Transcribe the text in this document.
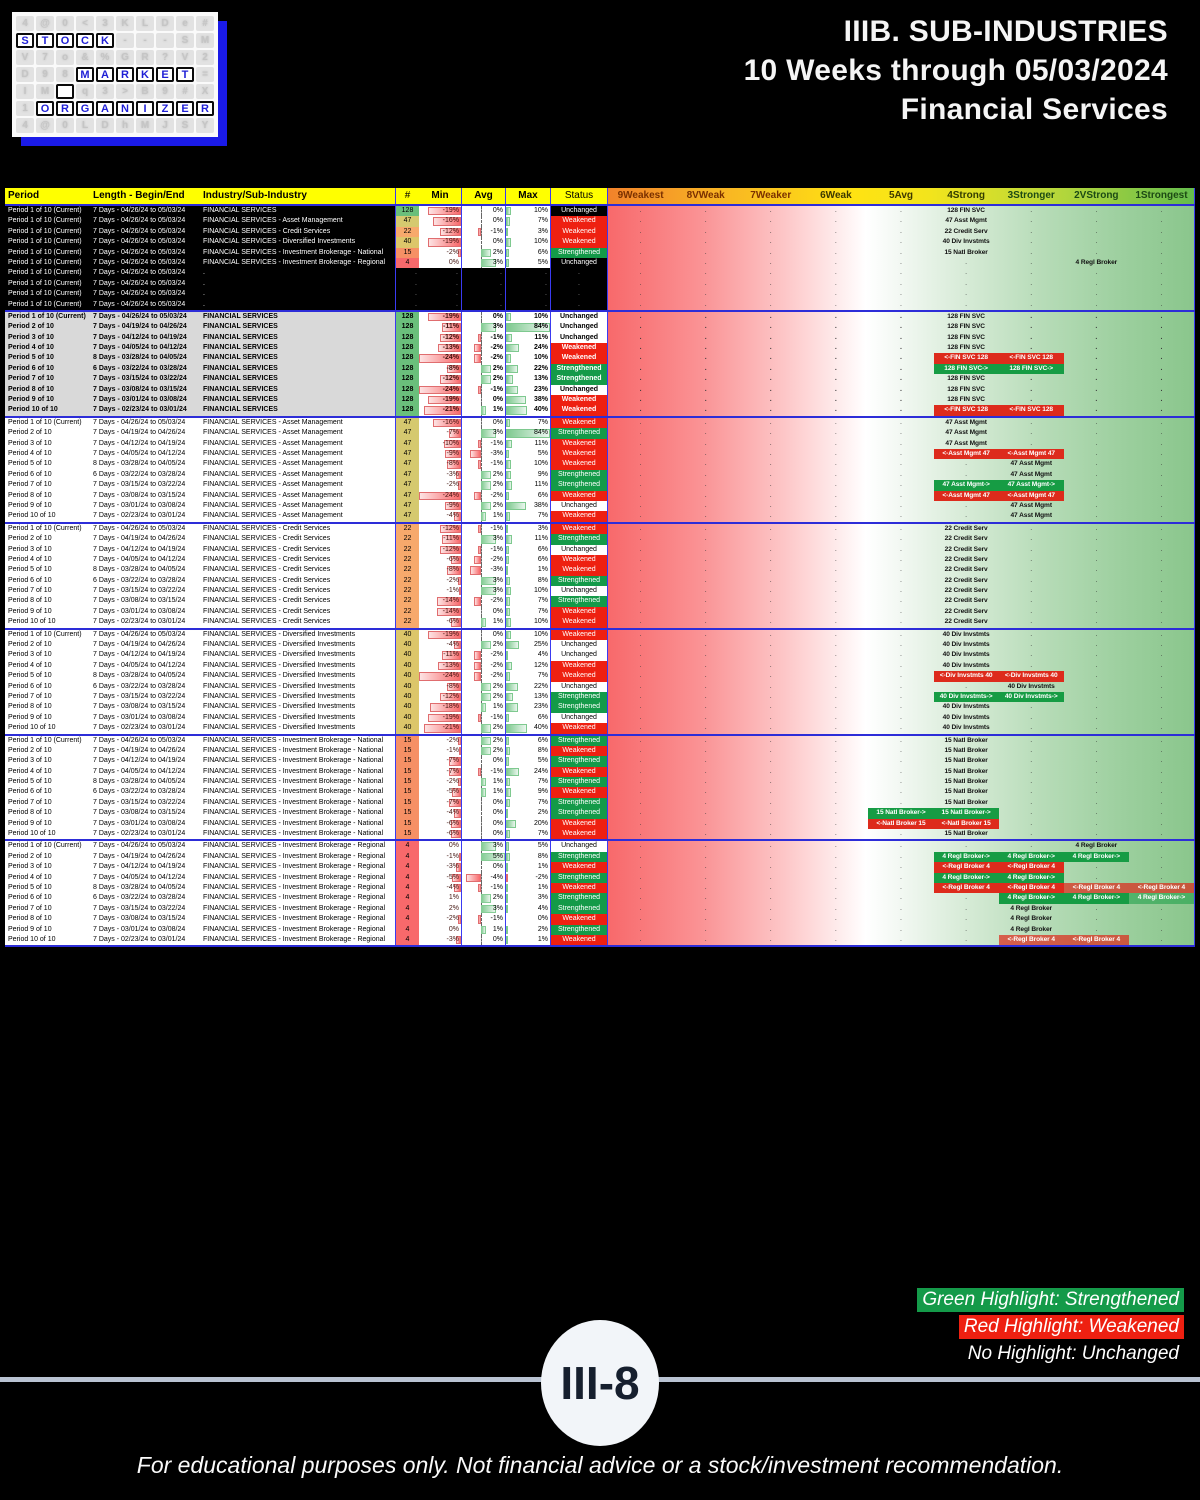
4	@	0	<	3	K	L	D	e	#
S	T	O	C	K	-	-	-	S	M
V	7	o	&	%	G	R	?	V	2
D	9	8	M	A	R	K	E	T	=
I	M	q	3	>	B	9	#	X
1	O	R	G	A	N	I	Z	E	R
4	@	0	L	D	h	M	J	S	Y
IIIB. SUB-INDUSTRIES
10 Weeks through 05/03/2024
Financial Services
Period	Length - Begin/End	Industry/Sub-Industry	#	Min	Avg	Max	Status	9Weakest	8VWeak	7Weaker	6Weak	5Avg	4Strong	3Stronger	2VStrong	1Strongest
Period 1 of 10 (Current)	7 Days - 04/26/24 to 05/03/24	FINANCIAL SERVICES	128	-19%	0%	10%	Unchanged	.	.	.	.	.	128 FIN SVC	.	.	.
Period 1 of 10 (Current)	7 Days - 04/26/24 to 05/03/24	FINANCIAL SERVICES - Asset Management	47	-16%	0%	7%	Weakened	.	.	.	.	.	47 Asst Mgmt	.	.	.
Period 1 of 10 (Current)	7 Days - 04/26/24 to 05/03/24	FINANCIAL SERVICES - Credit Services	22	-12%	-1%	3%	Weakened	.	.	.	.	.	22 Credit Serv	.	.	.
Period 1 of 10 (Current)	7 Days - 04/26/24 to 05/03/24	FINANCIAL SERVICES - Diversified Investments	40	-19%	0%	10%	Weakened	.	.	.	.	.	40 Div Invstmts	.	.	.
Period 1 of 10 (Current)	7 Days - 04/26/24 to 05/03/24	FINANCIAL SERVICES - Investment Brokerage - National	15	-2%	2%	6%	Strengthened	.	.	.	.	.	15 Natl Broker	.	.	.
Period 1 of 10 (Current)	7 Days - 04/26/24 to 05/03/24	FINANCIAL SERVICES - Investment Brokerage - Regional	4	0%	3%	5%	Unchanged	.	.	.	.	.	.	.	4 Regl Broker	.
Period 1 of 10 (Current)	7 Days - 04/26/24 to 05/03/24	.	.	.	.	.	.	.	.	.	.	.	.	.	.	.
Period 1 of 10 (Current)	7 Days - 04/26/24 to 05/03/24	.	.	.	.	.	.	.	.	.	.	.	.	.	.	.
Period 1 of 10 (Current)	7 Days - 04/26/24 to 05/03/24	.	.	.	.	.	.	.	.	.	.	.	.	.	.	.
Period 1 of 10 (Current)	7 Days - 04/26/24 to 05/03/24	.	.	.	.	.	.	.	.	.	.	.	.	.	.	.
Period 1 of 10 (Current)	7 Days - 04/26/24 to 05/03/24	FINANCIAL SERVICES	128	-19%	0%	10%	Unchanged	.	.	.	.	.	128 FIN SVC	.	.	.
Period 2 of 10	7 Days - 04/19/24 to 04/26/24	FINANCIAL SERVICES	128	-11%	3%	84%	Unchanged	.	.	.	.	.	128 FIN SVC	.	.	.
Period 3 of 10	7 Days - 04/12/24 to 04/19/24	FINANCIAL SERVICES	128	-12%	-1%	11%	Unchanged	.	.	.	.	.	128 FIN SVC	.	.	.
Period 4 of 10	7 Days - 04/05/24 to 04/12/24	FINANCIAL SERVICES	128	-13%	-2%	24%	Weakened	.	.	.	.	.	128 FIN SVC	.	.	.
Period 5 of 10	8 Days - 03/28/24 to 04/05/24	FINANCIAL SERVICES	128	-24%	-2%	10%	Weakened	.	.	.	.	.	<-FIN SVC 128	<-FIN SVC 128	.	.
Period 6 of 10	6 Days - 03/22/24 to 03/28/24	FINANCIAL SERVICES	128	-8%	2%	22%	Strengthened	.	.	.	.	.	128 FIN SVC->	128 FIN SVC->	.	.
Period 7 of 10	7 Days - 03/15/24 to 03/22/24	FINANCIAL SERVICES	128	-12%	2%	13%	Strengthened	.	.	.	.	.	128 FIN SVC	.	.	.
Period 8 of 10	7 Days - 03/08/24 to 03/15/24	FINANCIAL SERVICES	128	-24%	-1%	23%	Unchanged	.	.	.	.	.	128 FIN SVC	.	.	.
Period 9 of 10	7 Days - 03/01/24 to 03/08/24	FINANCIAL SERVICES	128	-19%	0%	38%	Weakened	.	.	.	.	.	128 FIN SVC	.	.	.
Period 10 of 10	7 Days - 02/23/24 to 03/01/24	FINANCIAL SERVICES	128	-21%	1%	40%	Weakened	.	.	.	.	.	<-FIN SVC 128	<-FIN SVC 128	.	.
Period 1 of 10 (Current)	7 Days - 04/26/24 to 05/03/24	FINANCIAL SERVICES - Asset Management	47	-16%	0%	7%	Weakened	.	.	.	.	.	47 Asst Mgmt	.	.	.
Period 2 of 10	7 Days - 04/19/24 to 04/26/24	FINANCIAL SERVICES - Asset Management	47	-7%	3%	84%	Strengthened	.	.	.	.	.	47 Asst Mgmt	.	.	.
Period 3 of 10	7 Days - 04/12/24 to 04/19/24	FINANCIAL SERVICES - Asset Management	47	-10%	-1%	11%	Weakened	.	.	.	.	.	47 Asst Mgmt	.	.	.
Period 4 of 10	7 Days - 04/05/24 to 04/12/24	FINANCIAL SERVICES - Asset Management	47	-9%	-3%	5%	Weakened	.	.	.	.	.	<-Asst Mgmt 47	<-Asst Mgmt 47	.	.
Period 5 of 10	8 Days - 03/28/24 to 04/05/24	FINANCIAL SERVICES - Asset Management	47	-8%	-1%	10%	Weakened	.	.	.	.	.	.	47 Asst Mgmt	.	.
Period 6 of 10	6 Days - 03/22/24 to 03/28/24	FINANCIAL SERVICES - Asset Management	47	-3%	2%	9%	Strengthened	.	.	.	.	.	.	47 Asst Mgmt	.	.
Period 7 of 10	7 Days - 03/15/24 to 03/22/24	FINANCIAL SERVICES - Asset Management	47	-2%	2%	11%	Strengthened	.	.	.	.	.	47 Asst Mgmt->	47 Asst Mgmt->	.	.
Period 8 of 10	7 Days - 03/08/24 to 03/15/24	FINANCIAL SERVICES - Asset Management	47	-24%	-2%	6%	Weakened	.	.	.	.	.	<-Asst Mgmt 47	<-Asst Mgmt 47	.	.
Period 9 of 10	7 Days - 03/01/24 to 03/08/24	FINANCIAL SERVICES - Asset Management	47	-9%	2%	38%	Unchanged	.	.	.	.	.	.	47 Asst Mgmt	.	.
Period 10 of 10	7 Days - 02/23/24 to 03/01/24	FINANCIAL SERVICES - Asset Management	47	-4%	1%	7%	Weakened	.	.	.	.	.	.	47 Asst Mgmt	.	.
Period 1 of 10 (Current)	7 Days - 04/26/24 to 05/03/24	FINANCIAL SERVICES - Credit Services	22	-12%	-1%	3%	Weakened	.	.	.	.	.	22 Credit Serv	.	.	.
Period 2 of 10	7 Days - 04/19/24 to 04/26/24	FINANCIAL SERVICES - Credit Services	22	-11%	3%	11%	Strengthened	.	.	.	.	.	22 Credit Serv	.	.	.
Period 3 of 10	7 Days - 04/12/24 to 04/19/24	FINANCIAL SERVICES - Credit Services	22	-12%	-1%	6%	Unchanged	.	.	.	.	.	22 Credit Serv	.	.	.
Period 4 of 10	7 Days - 04/05/24 to 04/12/24	FINANCIAL SERVICES - Credit Services	22	-6%	-2%	6%	Weakened	.	.	.	.	.	22 Credit Serv	.	.	.
Period 5 of 10	8 Days - 03/28/24 to 04/05/24	FINANCIAL SERVICES - Credit Services	22	-8%	-3%	1%	Weakened	.	.	.	.	.	22 Credit Serv	.	.	.
Period 6 of 10	6 Days - 03/22/24 to 03/28/24	FINANCIAL SERVICES - Credit Services	22	-2%	3%	8%	Strengthened	.	.	.	.	.	22 Credit Serv	.	.	.
Period 7 of 10	7 Days - 03/15/24 to 03/22/24	FINANCIAL SERVICES - Credit Services	22	-1%	3%	10%	Unchanged	.	.	.	.	.	22 Credit Serv	.	.	.
Period 8 of 10	7 Days - 03/08/24 to 03/15/24	FINANCIAL SERVICES - Credit Services	22	-14%	-2%	7%	Strengthened	.	.	.	.	.	22 Credit Serv	.	.	.
Period 9 of 10	7 Days - 03/01/24 to 03/08/24	FINANCIAL SERVICES - Credit Services	22	-14%	0%	7%	Weakened	.	.	.	.	.	22 Credit Serv	.	.	.
Period 10 of 10	7 Days - 02/23/24 to 03/01/24	FINANCIAL SERVICES - Credit Services	22	-6%	1%	10%	Weakened	.	.	.	.	.	22 Credit Serv	.	.	.
Period 1 of 10 (Current)	7 Days - 04/26/24 to 05/03/24	FINANCIAL SERVICES - Diversified Investments	40	-19%	0%	10%	Weakened	.	.	.	.	.	40 Div Invstmts	.	.	.
Period 2 of 10	7 Days - 04/19/24 to 04/26/24	FINANCIAL SERVICES - Diversified Investments	40	-4%	2%	25%	Unchanged	.	.	.	.	.	40 Div Invstmts	.	.	.
Period 3 of 10	7 Days - 04/12/24 to 04/19/24	FINANCIAL SERVICES - Diversified Investments	40	-11%	-2%	4%	Unchanged	.	.	.	.	.	40 Div Invstmts	.	.	.
Period 4 of 10	7 Days - 04/05/24 to 04/12/24	FINANCIAL SERVICES - Diversified Investments	40	-13%	-2%	12%	Weakened	.	.	.	.	.	40 Div Invstmts	.	.	.
Period 5 of 10	8 Days - 03/28/24 to 04/05/24	FINANCIAL SERVICES - Diversified Investments	40	-24%	-2%	7%	Weakened	.	.	.	.	.	<-Div Invstmts 40	<-Div Invstmts 40	.	.
Period 6 of 10	6 Days - 03/22/24 to 03/28/24	FINANCIAL SERVICES - Diversified Investments	40	-8%	2%	22%	Unchanged	.	.	.	.	.	.	40 Div Invstmts	.	.
Period 7 of 10	7 Days - 03/15/24 to 03/22/24	FINANCIAL SERVICES - Diversified Investments	40	-12%	2%	13%	Strengthened	.	.	.	.	.	40 Div Invstmts->	40 Div Invstmts->	.	.
Period 8 of 10	7 Days - 03/08/24 to 03/15/24	FINANCIAL SERVICES - Diversified Investments	40	-18%	1%	23%	Strengthened	.	.	.	.	.	40 Div Invstmts	.	.	.
Period 9 of 10	7 Days - 03/01/24 to 03/08/24	FINANCIAL SERVICES - Diversified Investments	40	-19%	-1%	6%	Unchanged	.	.	.	.	.	40 Div Invstmts	.	.	.
Period 10 of 10	7 Days - 02/23/24 to 03/01/24	FINANCIAL SERVICES - Diversified Investments	40	-21%	2%	40%	Weakened	.	.	.	.	.	40 Div Invstmts	.	.	.
Period 1 of 10 (Current)	7 Days - 04/26/24 to 05/03/24	FINANCIAL SERVICES - Investment Brokerage - National	15	-2%	2%	6%	Strengthened	.	.	.	.	.	15 Natl Broker	.	.	.
Period 2 of 10	7 Days - 04/19/24 to 04/26/24	FINANCIAL SERVICES - Investment Brokerage - National	15	-1%	2%	8%	Weakened	.	.	.	.	.	15 Natl Broker	.	.	.
Period 3 of 10	7 Days - 04/12/24 to 04/19/24	FINANCIAL SERVICES - Investment Brokerage - National	15	-7%	0%	5%	Strengthened	.	.	.	.	.	15 Natl Broker	.	.	.
Period 4 of 10	7 Days - 04/05/24 to 04/12/24	FINANCIAL SERVICES - Investment Brokerage - National	15	-7%	-1%	24%	Weakened	.	.	.	.	.	15 Natl Broker	.	.	.
Period 5 of 10	8 Days - 03/28/24 to 04/05/24	FINANCIAL SERVICES - Investment Brokerage - National	15	-2%	1%	7%	Strengthened	.	.	.	.	.	15 Natl Broker	.	.	.
Period 6 of 10	6 Days - 03/22/24 to 03/28/24	FINANCIAL SERVICES - Investment Brokerage - National	15	-5%	1%	9%	Weakened	.	.	.	.	.	15 Natl Broker	.	.	.
Period 7 of 10	7 Days - 03/15/24 to 03/22/24	FINANCIAL SERVICES - Investment Brokerage - National	15	-7%	0%	7%	Strengthened	.	.	.	.	.	15 Natl Broker	.	.	.
Period 8 of 10	7 Days - 03/08/24 to 03/15/24	FINANCIAL SERVICES - Investment Brokerage - National	15	-4%	0%	2%	Strengthened	.	.	.	.	15 Natl Broker->	15 Natl Broker->	.	.	.
Period 9 of 10	7 Days - 03/01/24 to 03/08/24	FINANCIAL SERVICES - Investment Brokerage - National	15	-6%	0%	20%	Weakened	.	.	.	.	<-Natl Broker 15	<-Natl Broker 15	.	.	.
Period 10 of 10	7 Days - 02/23/24 to 03/01/24	FINANCIAL SERVICES - Investment Brokerage - National	15	-6%	0%	7%	Weakened	.	.	.	.	.	15 Natl Broker	.	.	.
Period 1 of 10 (Current)	7 Days - 04/26/24 to 05/03/24	FINANCIAL SERVICES - Investment Brokerage - Regional	4	0%	3%	5%	Unchanged	.	.	.	.	.	.	.	4 Regl Broker	.
Period 2 of 10	7 Days - 04/19/24 to 04/26/24	FINANCIAL SERVICES - Investment Brokerage - Regional	4	-1%	5%	8%	Strengthened	.	.	.	.	.	4 Regl Broker->	4 Regl Broker->	4 Regl Broker->	.
Period 3 of 10	7 Days - 04/12/24 to 04/19/24	FINANCIAL SERVICES - Investment Brokerage - Regional	4	-3%	0%	1%	Weakened	.	.	.	.	.	<-Regl Broker 4	<-Regl Broker 4	.	.
Period 4 of 10	7 Days - 04/05/24 to 04/12/24	FINANCIAL SERVICES - Investment Brokerage - Regional	4	-5%	-4%	-2%	Strengthened	.	.	.	.	.	4 Regl Broker->	4 Regl Broker->	.	.
Period 5 of 10	8 Days - 03/28/24 to 04/05/24	FINANCIAL SERVICES - Investment Brokerage - Regional	4	-4%	-1%	1%	Weakened	.	.	.	.	.	<-Regl Broker 4	<-Regl Broker 4	<-Regl Broker 4	<-Regl Broker 4
Period 6 of 10	6 Days - 03/22/24 to 03/28/24	FINANCIAL SERVICES - Investment Brokerage - Regional	4	1%	2%	3%	Strengthened	.	.	.	.	.	.	4 Regl Broker->	4 Regl Broker->	4 Regl Broker->
Period 7 of 10	7 Days - 03/15/24 to 03/22/24	FINANCIAL SERVICES - Investment Brokerage - Regional	4	2%	3%	4%	Strengthened	.	.	.	.	.	.	4 Regl Broker	.	.
Period 8 of 10	7 Days - 03/08/24 to 03/15/24	FINANCIAL SERVICES - Investment Brokerage - Regional	4	-2%	-1%	0%	Weakened	.	.	.	.	.	.	4 Regl Broker	.	.
Period 9 of 10	7 Days - 03/01/24 to 03/08/24	FINANCIAL SERVICES - Investment Brokerage - Regional	4	0%	1%	2%	Strengthened	.	.	.	.	.	.	4 Regl Broker	.	.
Period 10 of 10	7 Days - 02/23/24 to 03/01/24	FINANCIAL SERVICES - Investment Brokerage - Regional	4	-3%	0%	1%	Weakened	.	.	.	.	.	.	<-Regl Broker 4	<-Regl Broker 4	.
Green Highlight: Strengthened
Red Highlight: Weakened
No Highlight: Unchanged
III-8
For educational purposes only. Not financial advice or a stock/investment recommendation.
